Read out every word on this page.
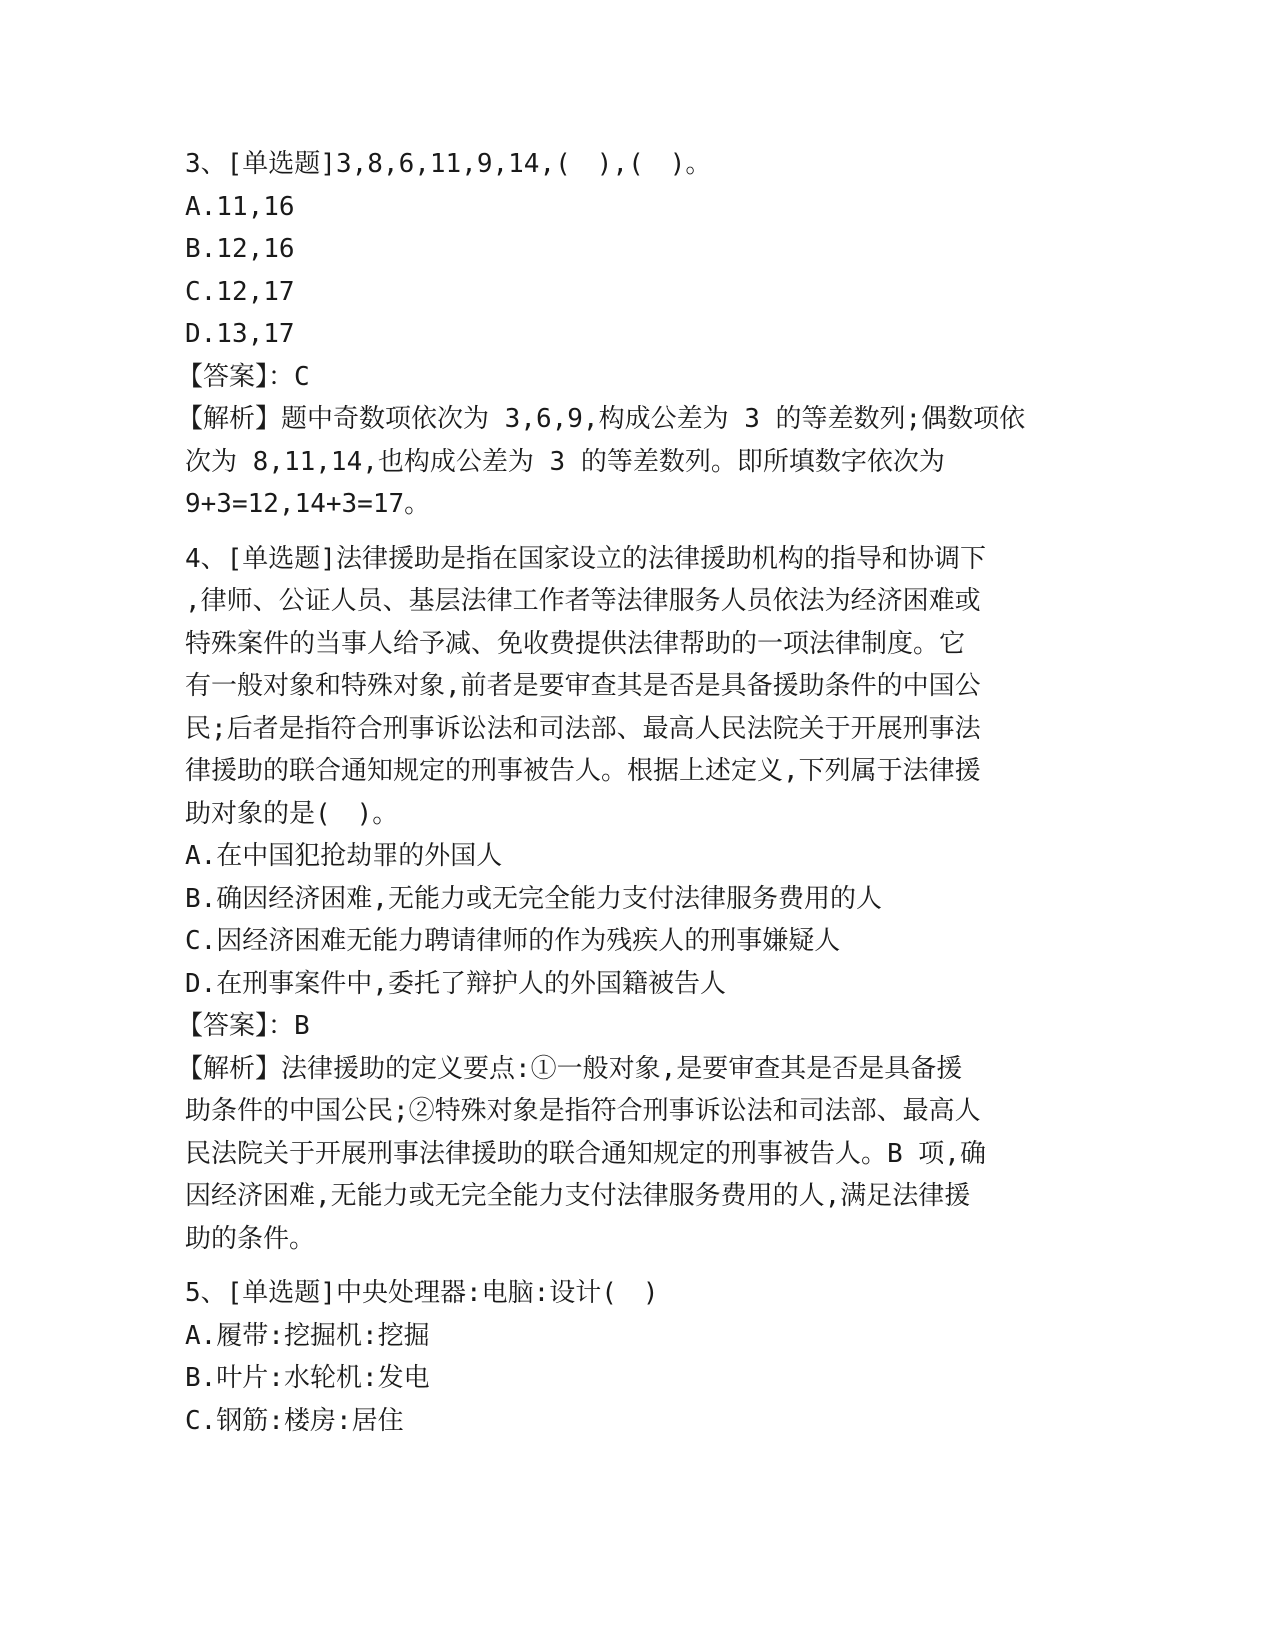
3、[单选题]3,8,6,11,9,14,(　),(　)。
A.11,16
B.12,16
C.12,17
D.13,17
【答案】：C
【解析】题中奇数项依次为 3,6,9,构成公差为 3 的等差数列;偶数项依
次为 8,11,14,也构成公差为 3 的等差数列。即所填数字依次为
9+3=12,14+3=17。
4、[单选题]法律援助是指在国家设立的法律援助机构的指导和协调下
,律师、公证人员、基层法律工作者等法律服务人员依法为经济困难或
特殊案件的当事人给予减、免收费提供法律帮助的一项法律制度。它
有一般对象和特殊对象,前者是要审查其是否是具备援助条件的中国公
民;后者是指符合刑事诉讼法和司法部、最高人民法院关于开展刑事法
律援助的联合通知规定的刑事被告人。根据上述定义,下列属于法律援
助对象的是(　)。
A.在中国犯抢劫罪的外国人
B.确因经济困难,无能力或无完全能力支付法律服务费用的人
C.因经济困难无能力聘请律师的作为残疾人的刑事嫌疑人
D.在刑事案件中,委托了辩护人的外国籍被告人
【答案】：B
【解析】法律援助的定义要点:①一般对象,是要审查其是否是具备援
助条件的中国公民;②特殊对象是指符合刑事诉讼法和司法部、最高人
民法院关于开展刑事法律援助的联合通知规定的刑事被告人。B 项,确
因经济困难,无能力或无完全能力支付法律服务费用的人,满足法律援
助的条件。
5、[单选题]中央处理器:电脑:设计(　)
A.履带:挖掘机:挖掘
B.叶片:水轮机:发电
C.钢筋:楼房:居住
